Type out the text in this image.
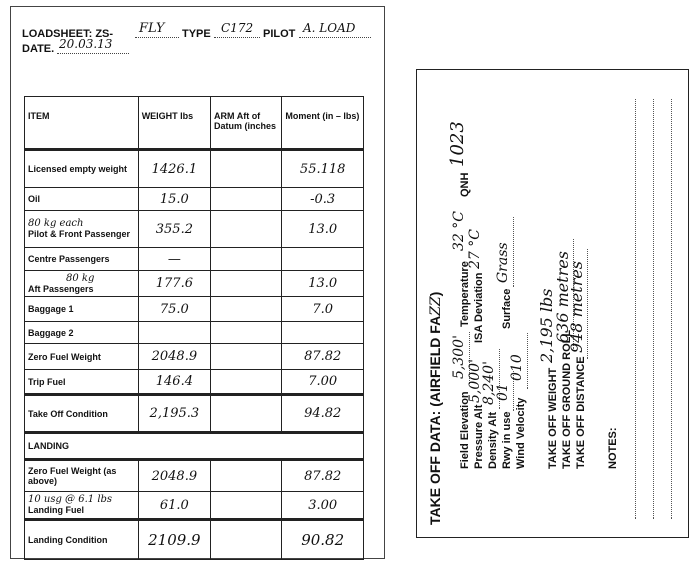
LOADSHEET: ZS- FLY TYPE C172 PILOT A. LOAD
DATE. 20.03.13
ITEM	WEIGHT lbs	ARM Aft of Datum (inches	Moment (in – lbs)

Licensed empty weight	1426.1		55.118

Oil	15.0		-0.3

80 kg each
Pilot & Front Passenger	355.2		13.0

Centre Passengers	—		

80 kg
Aft Passengers	177.6		13.0

Baggage 1	75.0		7.0

Baggage 2			

Zero Fuel Weight	2048.9		87.82

Trip Fuel	146.4		7.00

Take Off Condition	2,195.3		94.82

LANDING			

Zero Fuel Weight (as above)	2048.9		87.82

10 usg @ 6.1 lbs
Landing Fuel	61.0		3.00

Landing Condition	2109.9		90.82
TAKE OFF DATA: (AIRFIELD FAZZ)
Field Elevation
5,300'
Temperature
32 °C
QNH
1023
Pressure Alt
5,000'
ISA Deviation
27 °C
Density Alt
8,240'
Rwy in use
01
Surface
Grass
Wind Velocity
010
TAKE OFF WEIGHT
2,195 lbs
TAKE OFF GROUND ROLL
636 metres
TAKE OFF DISTANCE
948 metres
NOTES:
